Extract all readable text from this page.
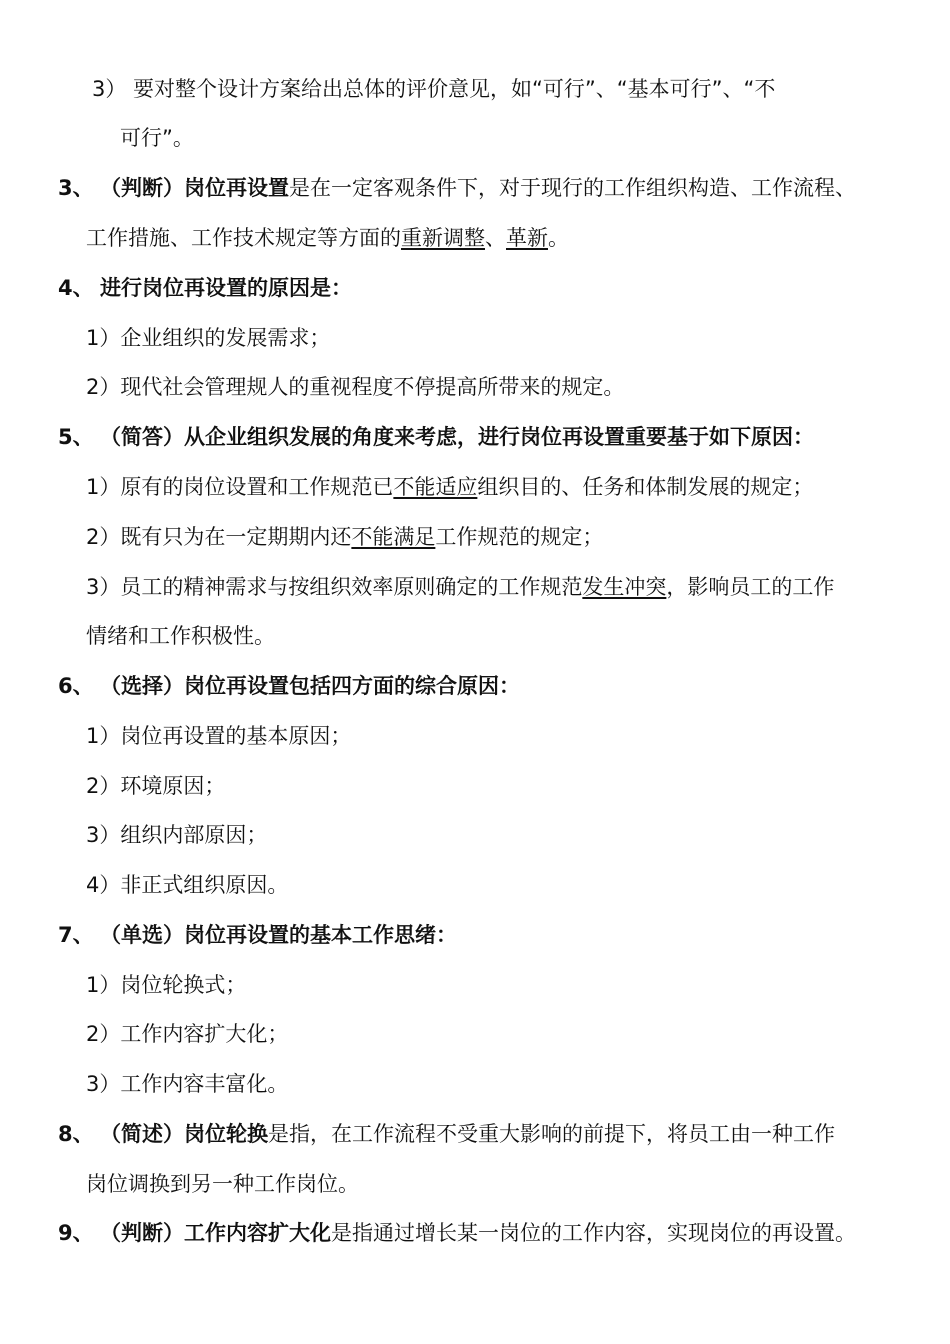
3） 要对整个设计方案给出总体的评价意见，如“可行”、“基本可行”、“不
可行”。
3、 （判断）岗位再设置是在一定客观条件下，对于现行的工作组织构造、工作流程、
工作措施、工作技术规定等方面的重新调整、革新。
4、 进行岗位再设置的原因是：
1）企业组织的发展需求；
2）现代社会管理规人的重视程度不停提高所带来的规定。
5、 （简答）从企业组织发展的角度来考虑，进行岗位再设置重要基于如下原因：
1）原有的岗位设置和工作规范已不能适应组织目的、任务和体制发展的规定；
2）既有只为在一定期期内还不能满足工作规范的规定；
3）员工的精神需求与按组织效率原则确定的工作规范发生冲突，影响员工的工作
情绪和工作积极性。
6、 （选择）岗位再设置包括四方面的综合原因：
1）岗位再设置的基本原因；
2）环境原因；
3）组织内部原因；
4）非正式组织原因。
7、 （单选）岗位再设置的基本工作思绪：
1）岗位轮换式；
2）工作内容扩大化；
3）工作内容丰富化。
8、 （简述）岗位轮换是指，在工作流程不受重大影响的前提下，将员工由一种工作
岗位调换到另一种工作岗位。
9、 （判断）工作内容扩大化是指通过增长某一岗位的工作内容，实现岗位的再设置。
